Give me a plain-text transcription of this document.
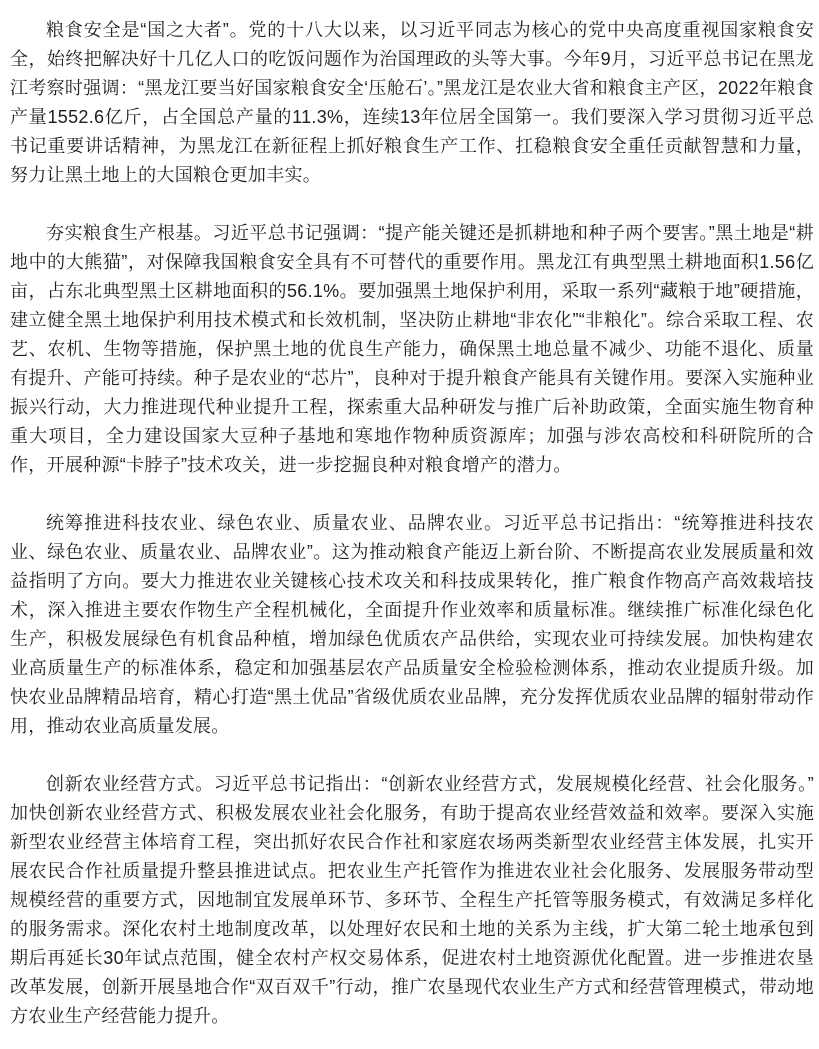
粮食安全是“国之大者”。党的十八大以来，以习近平同志为核心的党中央高度重视国家粮食安全，始终把解决好十几亿人口的吃饭问题作为治国理政的头等大事。今年9月，习近平总书记在黑龙江考察时强调：“黑龙江要当好国家粮食安全‘压舱石’。”黑龙江是农业大省和粮食主产区，2022年粮食产量1552.6亿斤，占全国总产量的11.3%，连续13年位居全国第一。我们要深入学习贯彻习近平总书记重要讲话精神，为黑龙江在新征程上抓好粮食生产工作、扛稳粮食安全重任贡献智慧和力量，努力让黑土地上的大国粮仓更加丰实。

夯实粮食生产根基。习近平总书记强调：“提产能关键还是抓耕地和种子两个要害。”黑土地是“耕地中的大熊猫”，对保障我国粮食安全具有不可替代的重要作用。黑龙江有典型黑土耕地面积1.56亿亩，占东北典型黑土区耕地面积的56.1%。要加强黑土地保护利用，采取一系列“藏粮于地”硬措施，建立健全黑土地保护利用技术模式和长效机制，坚决防止耕地“非农化”“非粮化”。综合采取工程、农艺、农机、生物等措施，保护黑土地的优良生产能力，确保黑土地总量不减少、功能不退化、质量有提升、产能可持续。种子是农业的“芯片”，良种对于提升粮食产能具有关键作用。要深入实施种业振兴行动，大力推进现代种业提升工程，探索重大品种研发与推广后补助政策，全面实施生物育种重大项目，全力建设国家大豆种子基地和寒地作物种质资源库；加强与涉农高校和科研院所的合作，开展种源“卡脖子”技术攻关，进一步挖掘良种对粮食增产的潜力。

统筹推进科技农业、绿色农业、质量农业、品牌农业。习近平总书记指出：“统筹推进科技农业、绿色农业、质量农业、品牌农业”。这为推动粮食产能迈上新台阶、不断提高农业发展质量和效益指明了方向。要大力推进农业关键核心技术攻关和科技成果转化，推广粮食作物高产高效栽培技术，深入推进主要农作物生产全程机械化，全面提升作业效率和质量标准。继续推广标准化绿色化生产，积极发展绿色有机食品种植，增加绿色优质农产品供给，实现农业可持续发展。加快构建农业高质量生产的标准体系，稳定和加强基层农产品质量安全检验检测体系，推动农业提质升级。加快农业品牌精品培育，精心打造“黑土优品”省级优质农业品牌，充分发挥优质农业品牌的辐射带动作用，推动农业高质量发展。

创新农业经营方式。习近平总书记指出：“创新农业经营方式，发展规模化经营、社会化服务。”加快创新农业经营方式、积极发展农业社会化服务，有助于提高农业经营效益和效率。要深入实施新型农业经营主体培育工程，突出抓好农民合作社和家庭农场两类新型农业经营主体发展，扎实开展农民合作社质量提升整县推进试点。把农业生产托管作为推进农业社会化服务、发展服务带动型规模经营的重要方式，因地制宜发展单环节、多环节、全程生产托管等服务模式，有效满足多样化的服务需求。深化农村土地制度改革，以处理好农民和土地的关系为主线，扩大第二轮土地承包到期后再延长30年试点范围，健全农村产权交易体系，促进农村土地资源优化配置。进一步推进农垦改革发展，创新开展垦地合作“双百双千”行动，推广农垦现代农业生产方式和经营管理模式，带动地方农业生产经营能力提升。
